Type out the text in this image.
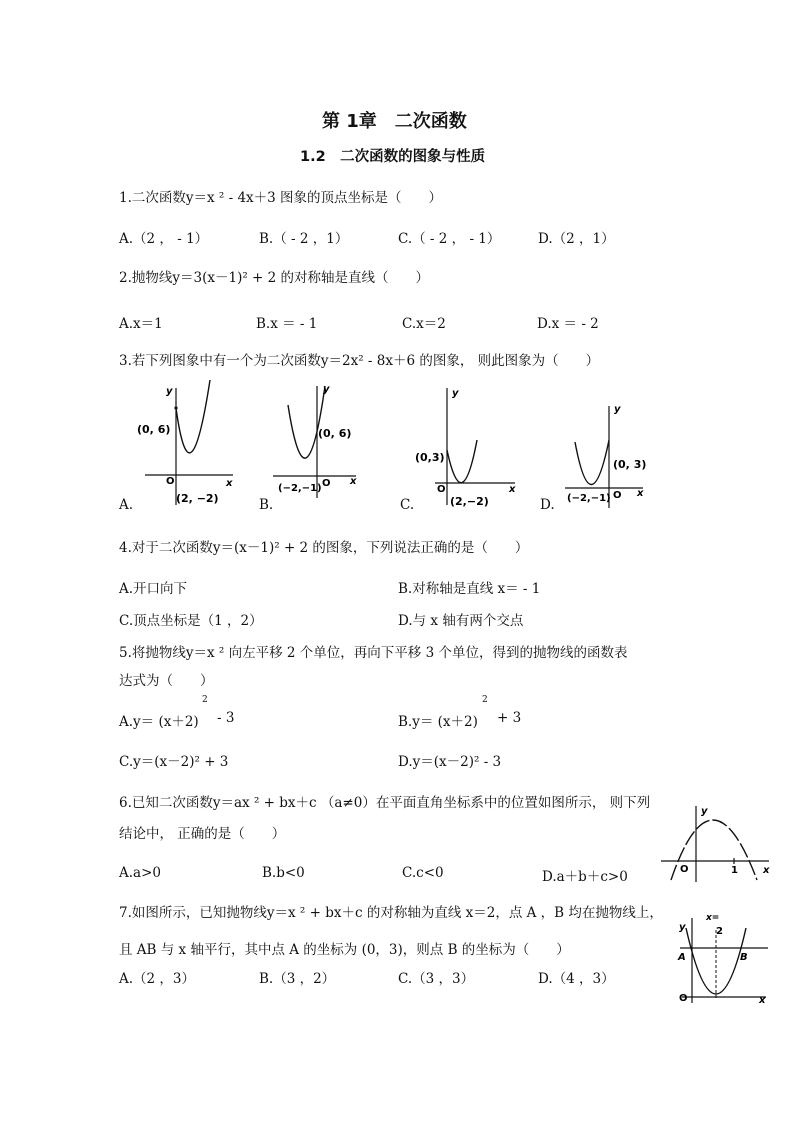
第 1章　二次函数
1.2　二次函数的图象与性质
1.二次函数y＝x ² - 4x＋3 图象的顶点坐标是（　　）
A.（2 ， - 1）	B.（ - 2 ，1）	C.（ - 2 ， - 1）	D.（2 ，1）
2.抛物线y＝3(x－1)² + 2 的对称轴是直线（　　）
A.x＝1	B.x ＝ - 1	C.x＝2	D.x ＝ - 2
3.若下列图象中有一个为二次函数y＝2x² - 8x＋6 的图象， 则此图象为（　　）
y
x
O
(0, 6)
(2, −2)
A.
y
x
O
(0, 6)
(−2,−1)
B.
y
x
O
(0,3)
(2,−2)
C.
y
x
O
(0, 3)
(−2,−1)
D.
4.对于二次函数y＝(x－1)² + 2 的图象，下列说法正确的是（　　）
A.开口向下	B.对称轴是直线 x＝ - 1
C.顶点坐标是（1 ，2）	D.与 x 轴有两个交点
5.将抛物线y＝x ² 向左平移 2 个单位，再向下平移 3 个单位，得到的抛物线的函数表
达式为（　　）
2
A.y＝ (x＋2) - 3
2
B.y＝ (x＋2) + 3
C.y＝(x－2)² + 3	D.y＝(x－2)² - 3
6.已知二次函数y＝ax ² + bx＋c （a≠0）在平面直角坐标系中的位置如图所示， 则下列
结论中， 正确的是（　　）
A.a>0	B.b<0	C.c<0	D.a＋b＋c>0
y
x
O	1
7.如图所示，已知抛物线y＝x ² + bx＋c 的对称轴为直线 x＝2，点 A ，B 均在抛物线上，
且 AB 与 x 轴平行，其中点 A 的坐标为 (0，3)，则点 B 的坐标为（　　）
A.（2 ，3）	B.（3 ，2）	C.（3 ，3）	D.（4 ，3）
y
x
O
x=
2
A	B
